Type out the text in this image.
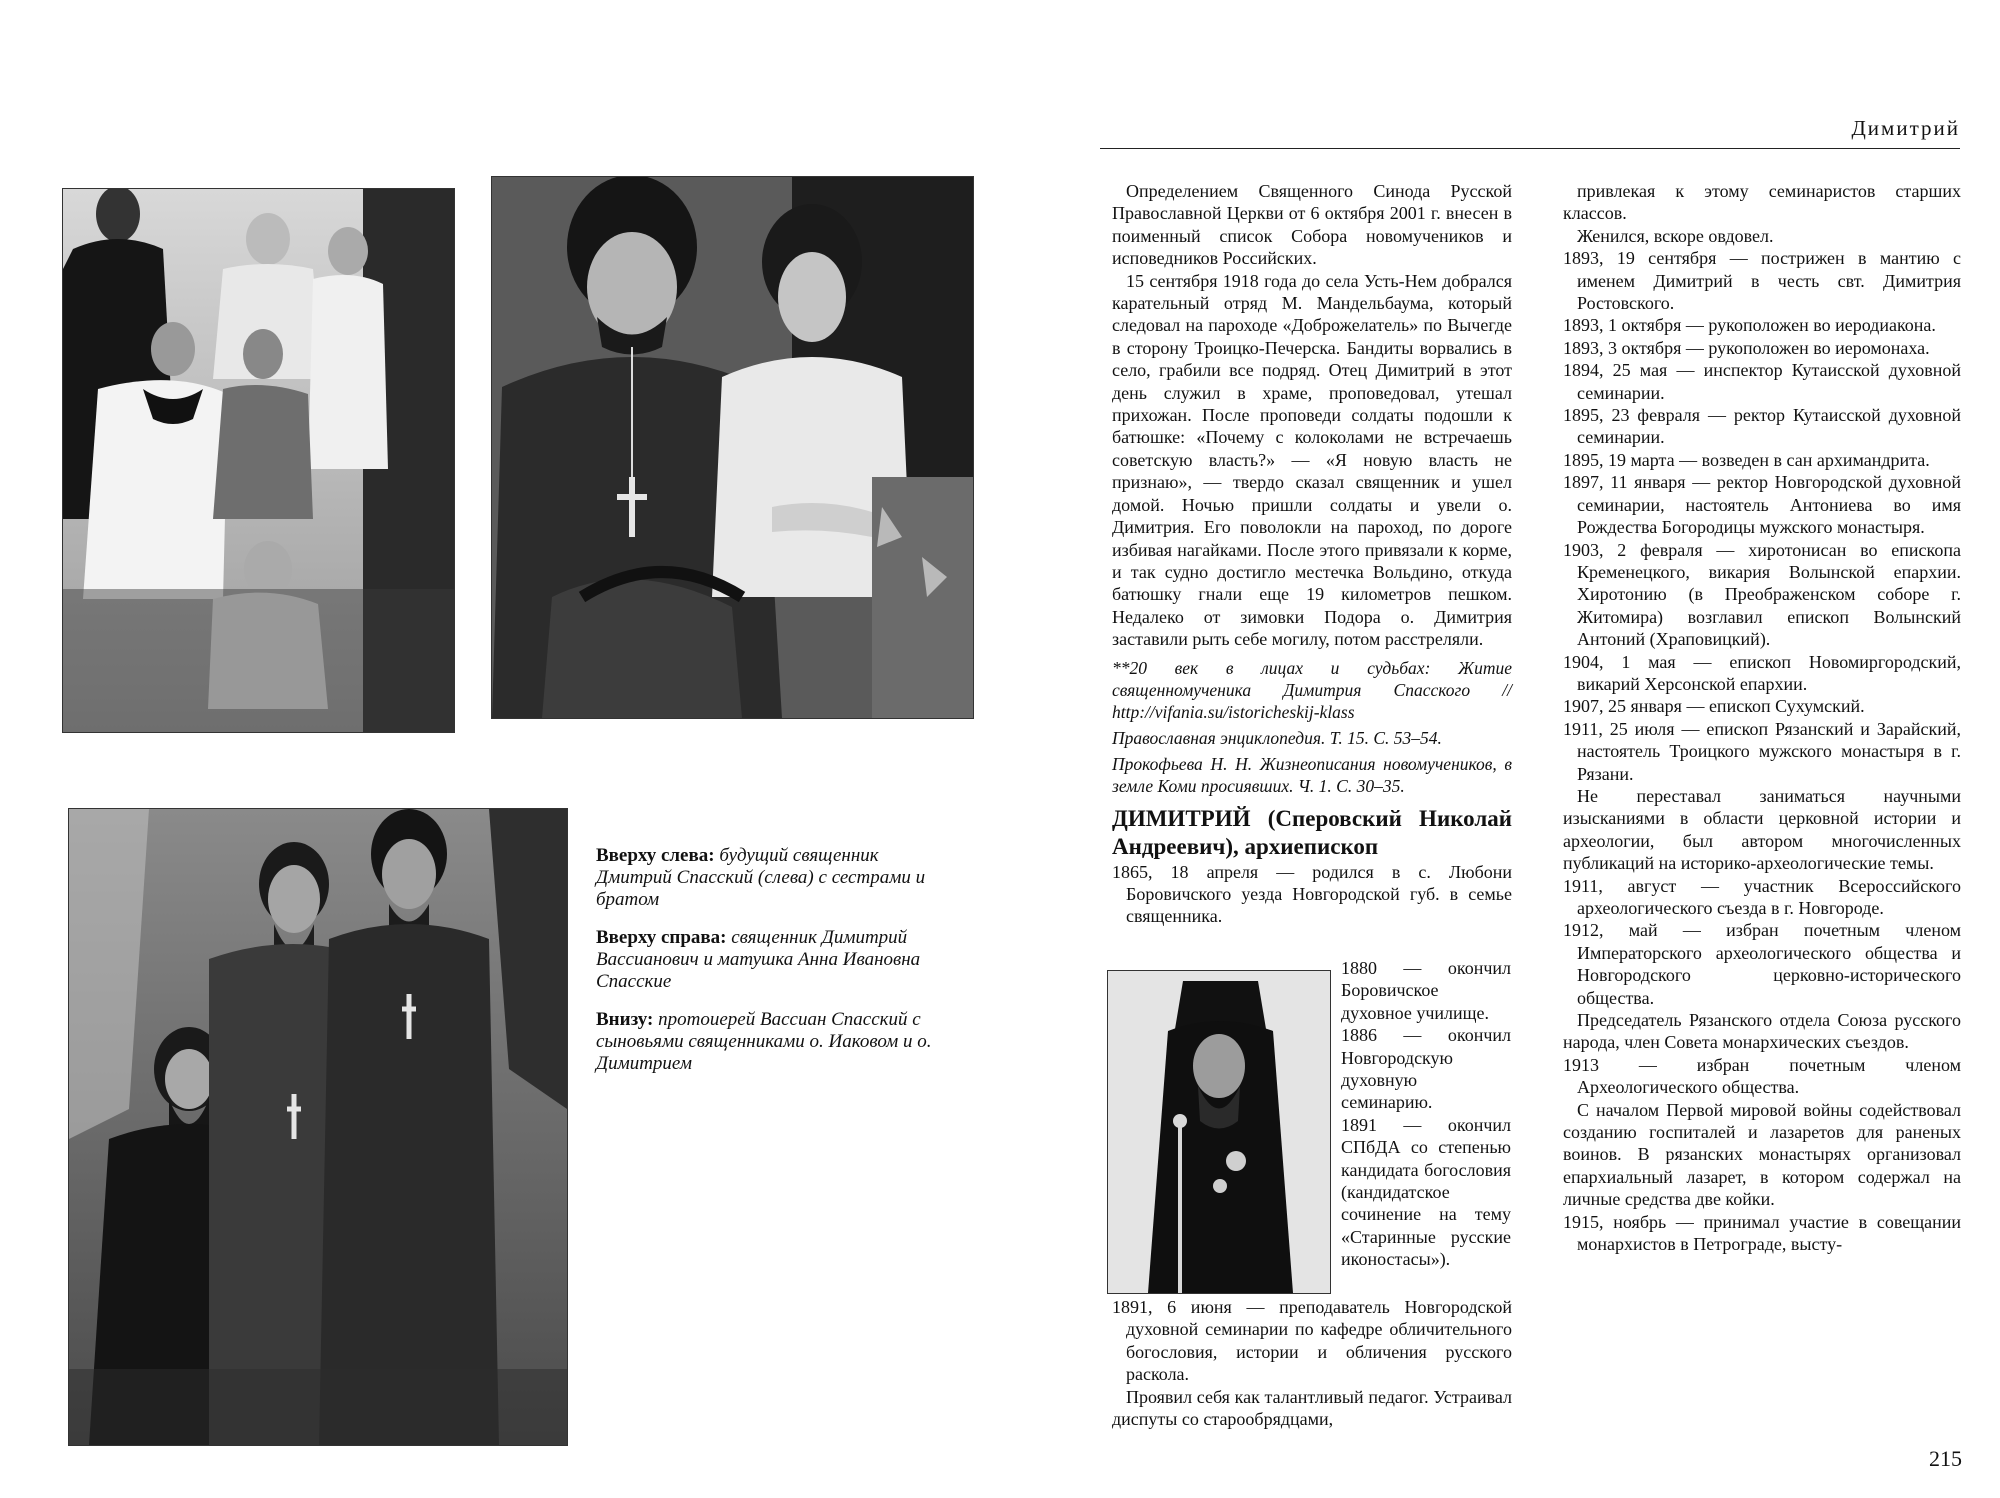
Вверху слева: будущий священник Дмитрий Спасский (слева) с сестрами и братом

Вверху справа: священник Димитрий Вассианович и матушка Анна Ивановна Спасские

Внизу: протоиерей Вассиан Спасский с сыновьями священниками о. Иаковом и о. Димитрием

Димитрий

Определением Священного Синода Русской Православной Церкви от 6 октября 2001 г. внесен в поименный список Собора новомучеников и исповедников Российских.

15 сентября 1918 года до села Усть-Нем добрался карательный отряд М. Мандельбаума, который следовал на пароходе «Доброжелатель» по Вычегде в сторону Троицко-Печерска. Бандиты ворвались в село, грабили все подряд. Отец Димитрий в этот день служил в храме, проповедовал, утешал прихожан. После проповеди солдаты подошли к батюшке: «Почему с колоколами не встречаешь советскую власть?» — «Я новую власть не признаю», — твердо сказал священник и ушел домой. Ночью пришли солдаты и увели о. Димитрия. Его поволокли на пароход, по дороге избивая нагайками. После этого привязали к корме, и так судно достигло местечка Вольдино, откуда батюшку гнали еще 19 километров пешком. Недалеко от зимовки Подора о. Димитрия заставили рыть себе могилу, потом расстреляли.

**20 век в лицах и судьбах: Житие священномученика Димитрия Спасского // http://vifania.su/istoricheskij-klass

Православная энциклопедия. Т. 15. С. 53–54.

Прокофьева Н. Н. Жизнеописания новомучеников, в земле Коми просиявших. Ч. 1. С. 30–35.

ДИМИТРИЙ (Сперовский Николай Андреевич), архиепископ

1865, 18 апреля — родился в с. Любони Боровичского уезда Новгородской губ. в семье священника.

1880 — окончил Боровичское духовное училище.

1886 — окончил Новгородскую духовную семинарию.

1891 — окончил СПбДА со степенью кандидата богословия (кандидатское сочинение на тему «Старинные русские иконостасы»).

1891, 6 июня — преподаватель Новгородской духовной семинарии по кафедре обличительного богословия, истории и обличения русского раскола.

Проявил себя как талантливый педагог. Устраивал диспуты со старообрядцами,

привлекая к этому семинаристов старших классов.

Женился, вскоре овдовел.

1893, 19 сентября — пострижен в мантию с именем Димитрий в честь свт. Димитрия Ростовского.

1893, 1 октября — рукоположен во иеродиакона.

1893, 3 октября — рукоположен во иеромонаха.

1894, 25 мая — инспектор Кутаисской духовной семинарии.

1895, 23 февраля — ректор Кутаисской духовной семинарии.

1895, 19 марта — возведен в сан архимандрита.

1897, 11 января — ректор Новгородской духовной семинарии, настоятель Антониева во имя Рождества Богородицы мужского монастыря.

1903, 2 февраля — хиротонисан во епископа Кременецкого, викария Волынской епархии. Хиротонию (в Преображенском соборе г. Житомира) возглавил епископ Волынский Антоний (Храповицкий).

1904, 1 мая — епископ Новомиргородский, викарий Херсонской епархии.

1907, 25 января — епископ Сухумский.

1911, 25 июля — епископ Рязанский и Зарайский, настоятель Троицкого мужского монастыря в г. Рязани.

Не переставал заниматься научными изысканиями в области церковной истории и археологии, был автором многочисленных публикаций на историко-археологические темы.

1911, август — участник Всероссийского археологического съезда в г. Новгороде.

1912, май — избран почетным членом Императорского археологического общества и Новгородского церковно-исторического общества.

Председатель Рязанского отдела Союза русского народа, член Совета монархических съездов.

1913 — избран почетным членом Археологического общества.

С началом Первой мировой войны содействовал созданию госпиталей и лазаретов для раненых воинов. В рязанских монастырях организовал епархиальный лазарет, в котором содержал на личные средства две койки.

1915, ноябрь — принимал участие в совещании монархистов в Петрограде, высту-

215
